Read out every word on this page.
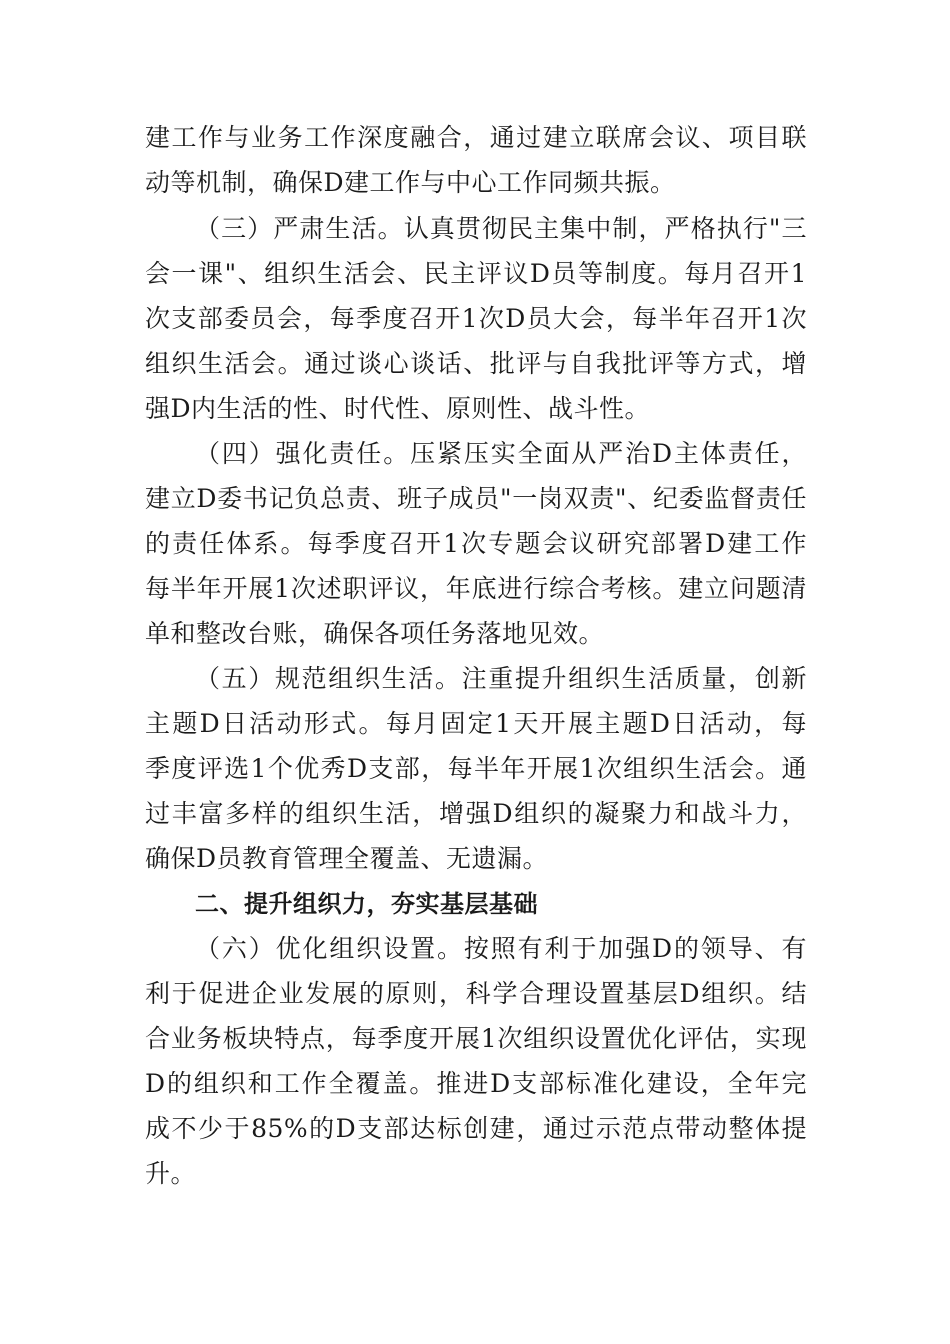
建工作与业务工作深度融合，通过建立联席会议、项目联
动等机制，确保D建工作与中心工作同频共振。
（三）严肃生活。认真贯彻民主集中制，严格执行"三
会一课"、组织生活会、民主评议D员等制度。每月召开1
次支部委员会，每季度召开1次D员大会，每半年召开1次
组织生活会。通过谈心谈话、批评与自我批评等方式，增
强D内生活的性、时代性、原则性、战斗性。
（四）强化责任。压紧压实全面从严治D主体责任，
建立D委书记负总责、班子成员"一岗双责"、纪委监督责任
的责任体系。每季度召开1次专题会议研究部署D建工作
每半年开展1次述职评议，年底进行综合考核。建立问题清
单和整改台账，确保各项任务落地见效。
（五）规范组织生活。注重提升组织生活质量，创新
主题D日活动形式。每月固定1天开展主题D日活动，每
季度评选1个优秀D支部，每半年开展1次组织生活会。通
过丰富多样的组织生活，增强D组织的凝聚力和战斗力，
确保D员教育管理全覆盖、无遗漏。
二、提升组织力，夯实基层基础
（六）优化组织设置。按照有利于加强D的领导、有
利于促进企业发展的原则，科学合理设置基层D组织。结
合业务板块特点，每季度开展1次组织设置优化评估，实现
D的组织和工作全覆盖。推进D支部标准化建设，全年完
成不少于85%的D支部达标创建，通过示范点带动整体提
升。
